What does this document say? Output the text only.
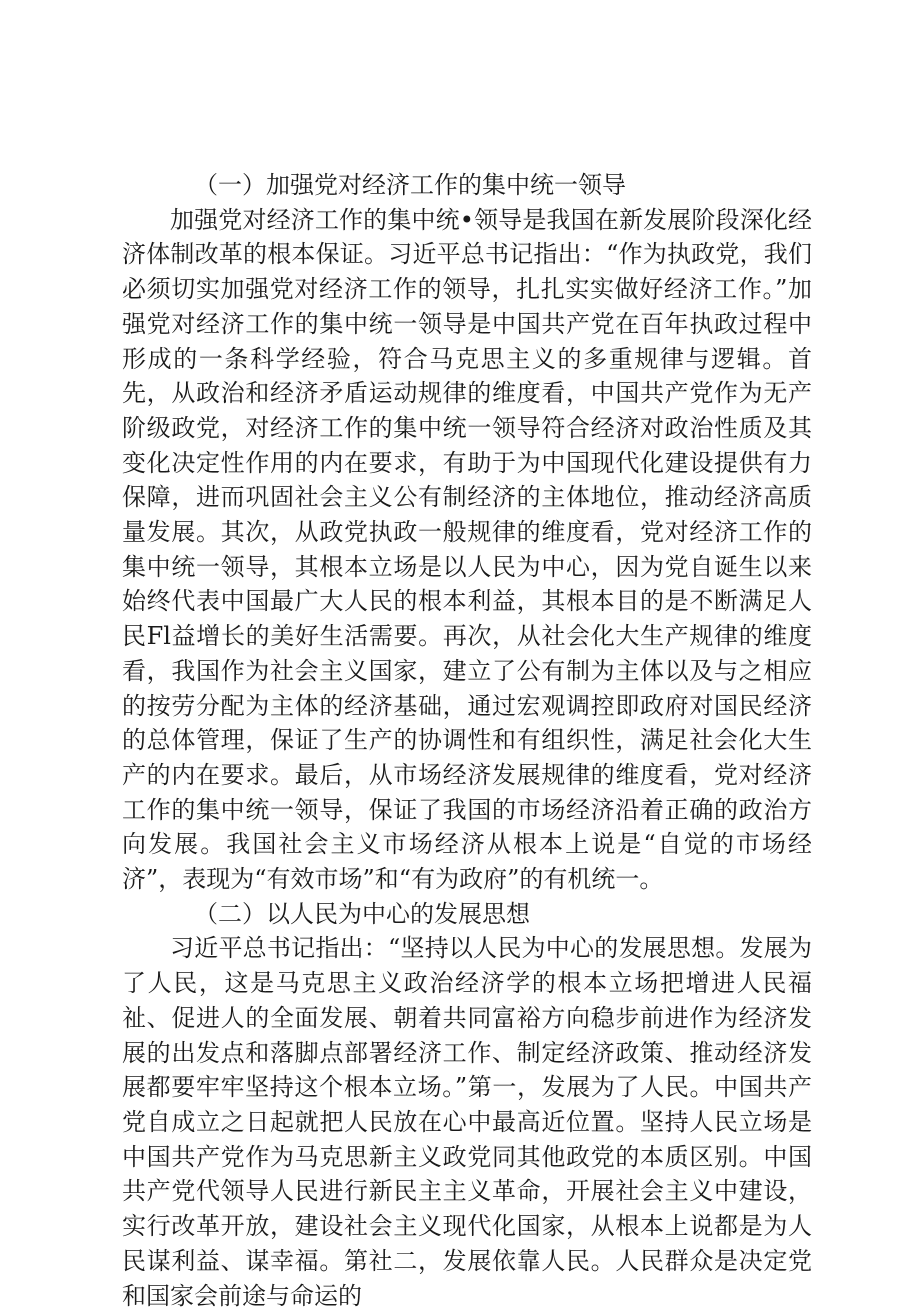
（一）加强党对经济工作的集中统一领导

加强党对经济工作的集中统•领导是我国在新发展阶段深化经济体制改革的根本保证。习近平总书记指出：“作为执政党，我们必须切实加强党对经济工作的领导，扎扎实实做好经济工作。”加强党对经济工作的集中统一领导是中国共产党在百年执政过程中形成的一条科学经验，符合马克思主义的多重规律与逻辑。首先，从政治和经济矛盾运动规律的维度看，中国共产党作为无产阶级政党，对经济工作的集中统一领导符合经济对政治性质及其变化决定性作用的内在要求，有助于为中国现代化建设提供有力保障，进而巩固社会主义公有制经济的主体地位，推动经济高质量发展。其次，从政党执政一般规律的维度看，党对经济工作的集中统一领导，其根本立场是以人民为中心，因为党自诞生以来始终代表中国最广大人民的根本利益，其根本目的是不断满足人民Fl益增长的美好生活需要。再次，从社会化大生产规律的维度看，我国作为社会主义国家，建立了公有制为主体以及与之相应的按劳分配为主体的经济基础，通过宏观调控即政府对国民经济的总体管理，保证了生产的协调性和有组织性，满足社会化大生产的内在要求。最后，从市场经济发展规律的维度看，党对经济工作的集中统一领导，保证了我国的市场经济沿着正确的政治方向发展。我国社会主义市场经济从根本上说是“自觉的市场经济”，表现为“有效市场”和“有为政府”的有机统一。

（二）以人民为中心的发展思想

习近平总书记指出：“坚持以人民为中心的发展思想。发展为了人民，这是马克思主义政治经济学的根本立场把增进人民福祉、促进人的全面发展、朝着共同富裕方向稳步前进作为经济发展的出发点和落脚点部署经济工作、制定经济政策、推动经济发展都要牢牢坚持这个根本立场。”第一，发展为了人民。中国共产党自成立之日起就把人民放在心中最高近位置。坚持人民立场是中国共产党作为马克思新主义政党同其他政党的本质区别。中国共产党代领导人民进行新民主主义革命，开展社会主义中建设，实行改革开放，建设社会主义现代化国家，从根本上说都是为人民谋利益、谋幸福。第社二，发展依靠人民。人民群众是决定党和国家会前途与命运的
